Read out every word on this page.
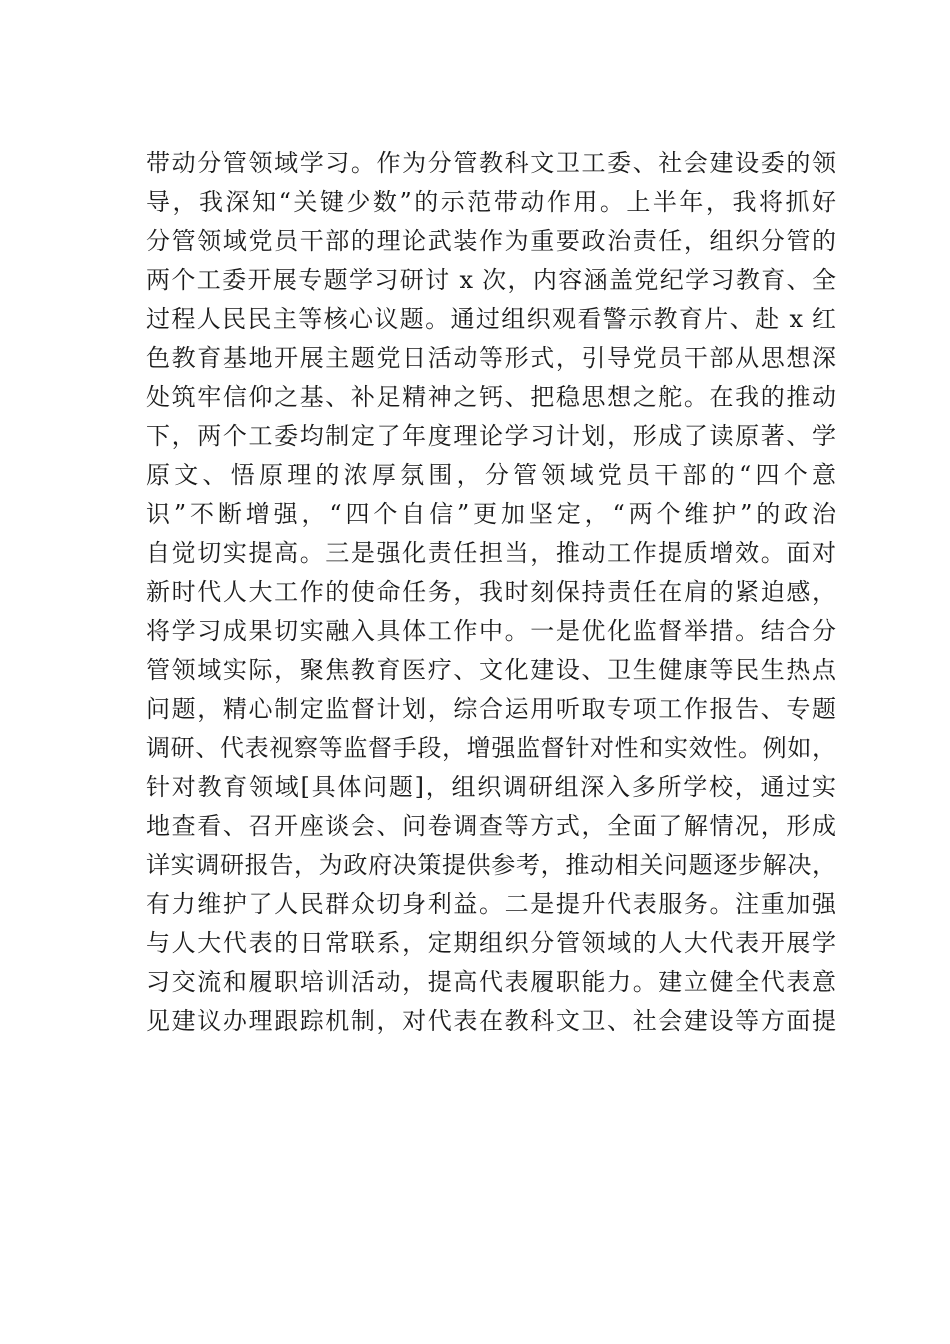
带动分管领域学习。作为分管教科文卫工委、社会建设委的领
导，我深知“关键少数”的示范带动作用。上半年，我将抓好
分管领域党员干部的理论武装作为重要政治责任，组织分管的
两个工委开展专题学习研讨 x 次，内容涵盖党纪学习教育、全
过程人民民主等核心议题。通过组织观看警示教育片、赴 x 红
色教育基地开展主题党日活动等形式，引导党员干部从思想深
处筑牢信仰之基、补足精神之钙、把稳思想之舵。在我的推动
下，两个工委均制定了年度理论学习计划，形成了读原著、学
原文、悟原理的浓厚氛围，分管领域党员干部的“四个意
识”不断增强，“四个自信”更加坚定，“两个维护”的政治
自觉切实提高。三是强化责任担当，推动工作提质增效。面对
新时代人大工作的使命任务，我时刻保持责任在肩的紧迫感，
将学习成果切实融入具体工作中。一是优化监督举措。结合分
管领域实际，聚焦教育医疗、文化建设、卫生健康等民生热点
问题，精心制定监督计划，综合运用听取专项工作报告、专题
调研、代表视察等监督手段，增强监督针对性和实效性。例如，
针对教育领域[具体问题]，组织调研组深入多所学校，通过实
地查看、召开座谈会、问卷调查等方式，全面了解情况，形成
详实调研报告，为政府决策提供参考，推动相关问题逐步解决，
有力维护了人民群众切身利益。二是提升代表服务。注重加强
与人大代表的日常联系，定期组织分管领域的人大代表开展学
习交流和履职培训活动，提高代表履职能力。建立健全代表意
见建议办理跟踪机制，对代表在教科文卫、社会建设等方面提
